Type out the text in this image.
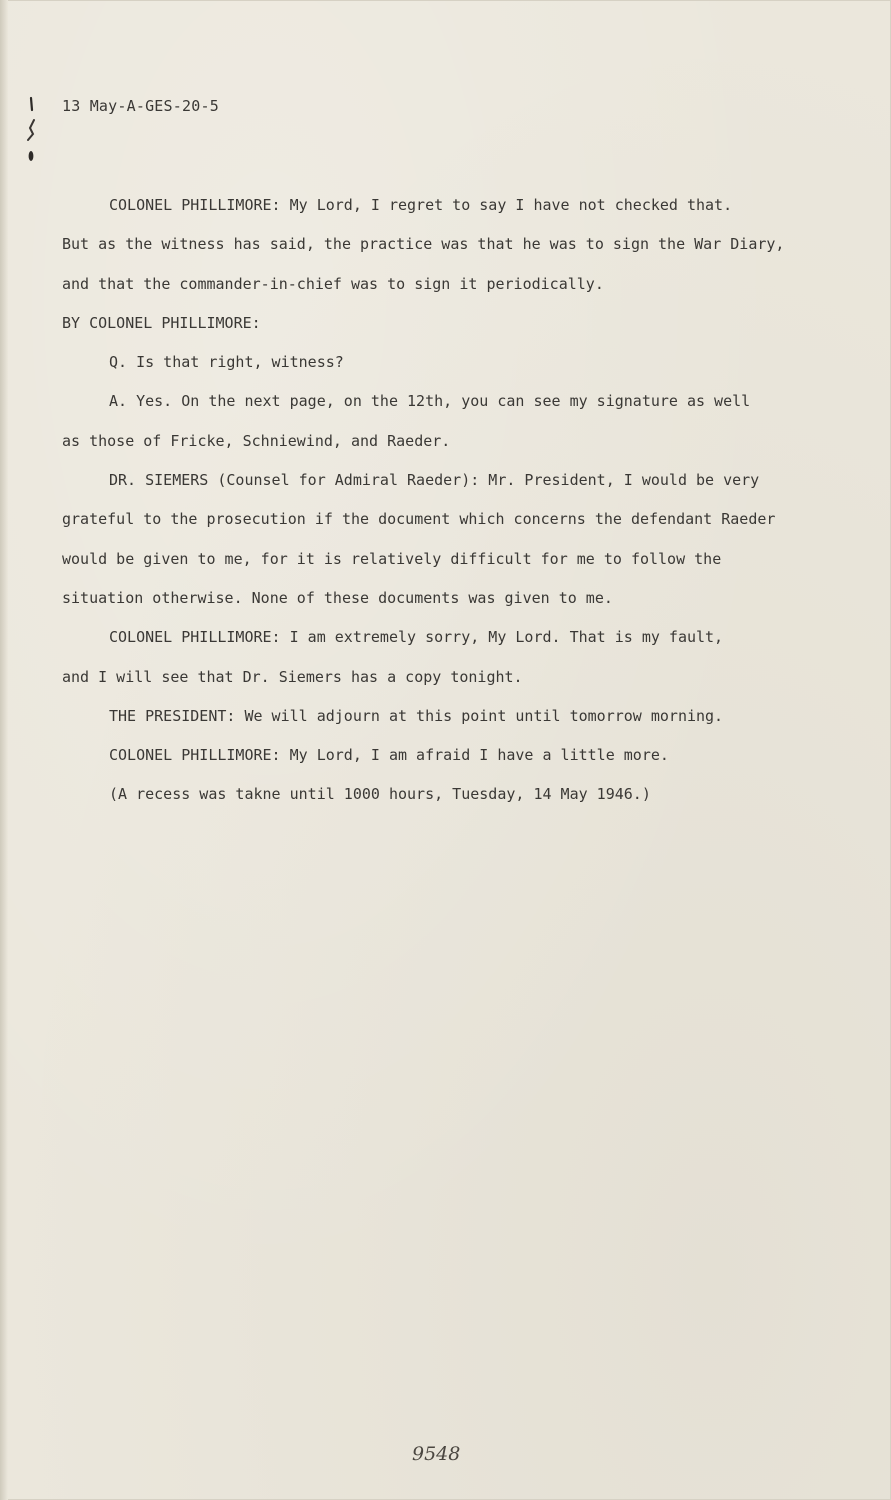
13 May-A-GES-20-5
COLONEL PHILLIMORE: My Lord, I regret to say I have not checked that.
But as the witness has said, the practice was that he was to sign the War Diary,
and that the commander-in-chief was to sign it periodically.
BY COLONEL PHILLIMORE:
Q. Is that right, witness?
A. Yes. On the next page, on the 12th, you can see my signature as well
as those of Fricke, Schniewind, and Raeder.
DR. SIEMERS (Counsel for Admiral Raeder): Mr. President, I would be very
grateful to the prosecution if the document which concerns the defendant Raeder
would be given to me, for it is relatively difficult for me to follow the
situation otherwise. None of these documents was given to me.
COLONEL PHILLIMORE: I am extremely sorry, My Lord. That is my fault,
and I will see that Dr. Siemers has a copy tonight.
THE PRESIDENT: We will adjourn at this point until tomorrow morning.
COLONEL PHILLIMORE: My Lord, I am afraid I have a little more.
(A recess was takne until 1000 hours, Tuesday, 14 May 1946.)
9548
